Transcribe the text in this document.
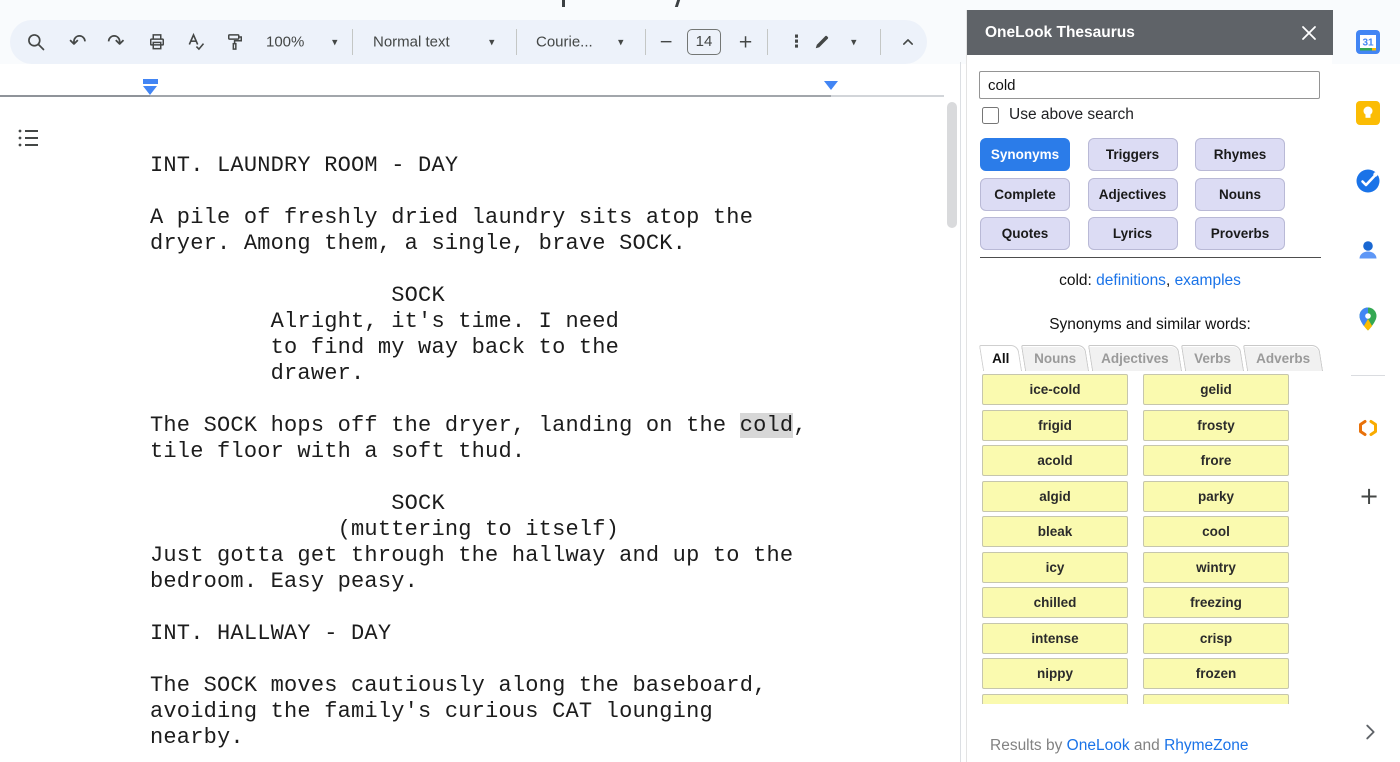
↶ ↷	100%	▾ Normal text	▾	Courie... ▾ −	14	+ ⋮	▾
INT. LAUNDRY ROOM - DAY
A pile of freshly dried laundry sits atop the
dryer. Among them, a single, brave SOCK.
SOCK
Alright, it's time. I need
to find my way back to the
drawer.
The SOCK hops off the dryer, landing on the cold,
tile floor with a soft thud.
SOCK
(muttering to itself)
Just gotta get through the hallway and up to the
bedroom. Easy peasy.
INT. HALLWAY - DAY
The SOCK moves cautiously along the baseboard,
avoiding the family's curious CAT lounging
nearby.
OneLook Thesaurus
cold
Use above search
Synonyms	Triggers	Rhymes
Complete	Adjectives	Nouns
Quotes	Lyrics	Proverbs
cold: definitions, examples
Synonyms and similar words:
All Nouns Adjectives Verbs Adverbs
ice-cold	gelid
frigid	frosty
acold	frore
algid	parky
bleak	cool
icy	wintry
chilled	freezing
intense	crisp
nippy	frozen
Results by OneLook and RhymeZone
31
+
